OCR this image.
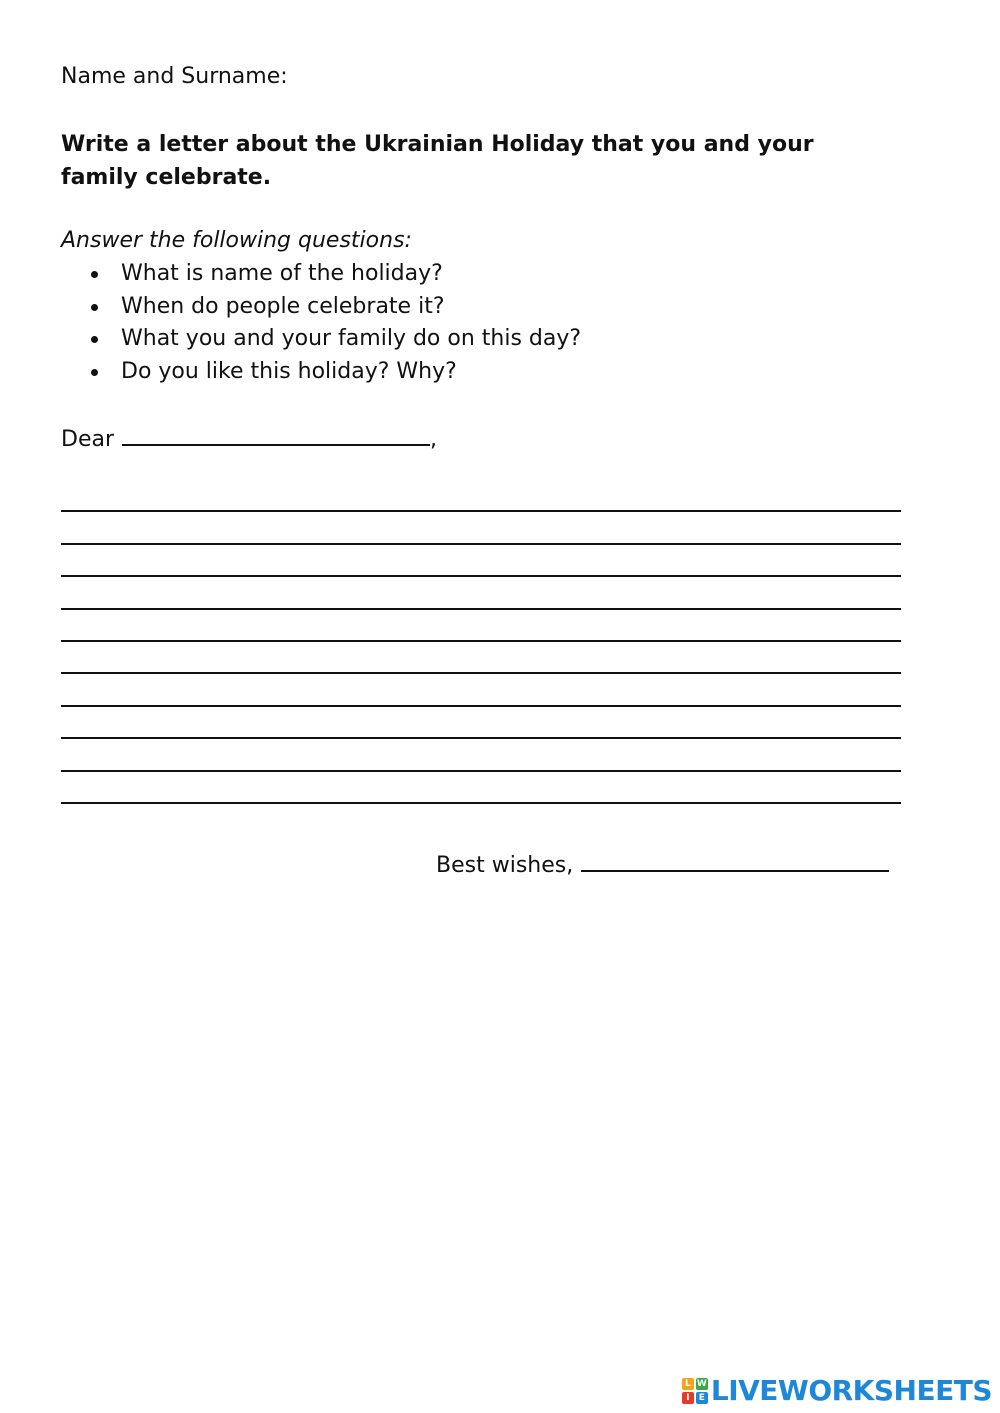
Name and Surname:
Write a letter about the Ukrainian Holiday that you and your family celebrate.
Answer the following questions:
What is name of the holiday?
When do people celebrate it?
What you and your family do on this day?
Do you like this holiday? Why?
Dear	,
Best wishes,
L W
I	E LIVEWORKSHEETS
